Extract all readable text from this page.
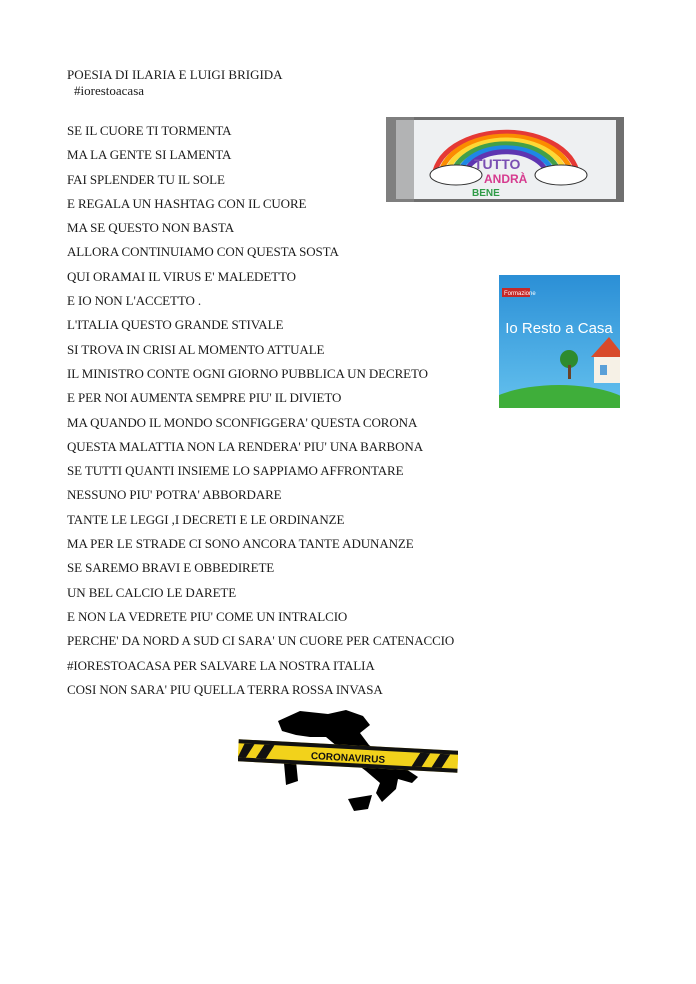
POESIA DI ILARIA E LUIGI BRIGIDA
#iorestoacasa
SE IL CUORE TI TORMENTA
MA LA GENTE SI LAMENTA
FAI SPLENDER TU IL SOLE
E REGALA UN HASHTAG CON IL CUORE
MA SE QUESTO NON BASTA
ALLORA CONTINUIAMO CON QUESTA SOSTA
QUI ORAMAI IL VIRUS E' MALEDETTO
E IO NON L'ACCETTO .
L'ITALIA QUESTO GRANDE STIVALE
SI TROVA IN CRISI AL MOMENTO ATTUALE
IL MINISTRO CONTE OGNI GIORNO PUBBLICA UN DECRETO
E PER NOI AUMENTA SEMPRE PIU' IL DIVIETO
MA QUANDO IL MONDO SCONFIGGERA' QUESTA CORONA
QUESTA MALATTIA NON LA RENDERA' PIU' UNA BARBONA
SE TUTTI QUANTI INSIEME LO SAPPIAMO AFFRONTARE
NESSUNO PIU' POTRA' ABBORDARE
TANTE LE LEGGI ,I DECRETI E LE ORDINANZE
MA PER LE STRADE CI SONO ANCORA TANTE ADUNANZE
SE SAREMO BRAVI E OBBEDIRETE
UN BEL CALCIO LE DARETE
E NON LA VEDRETE PIU' COME UN INTRALCIO
PERCHE' DA NORD A SUD CI SARA' UN CUORE PER CATENACCIO
#IORESTOACASA PER SALVARE LA NOSTRA ITALIA
COSI NON SARA' PIU QUELLA TERRA ROSSA INVASA
TUTTO
ANDRÀ
BENE
Formazione
Io Resto a Casa
CORONAVIRUS
